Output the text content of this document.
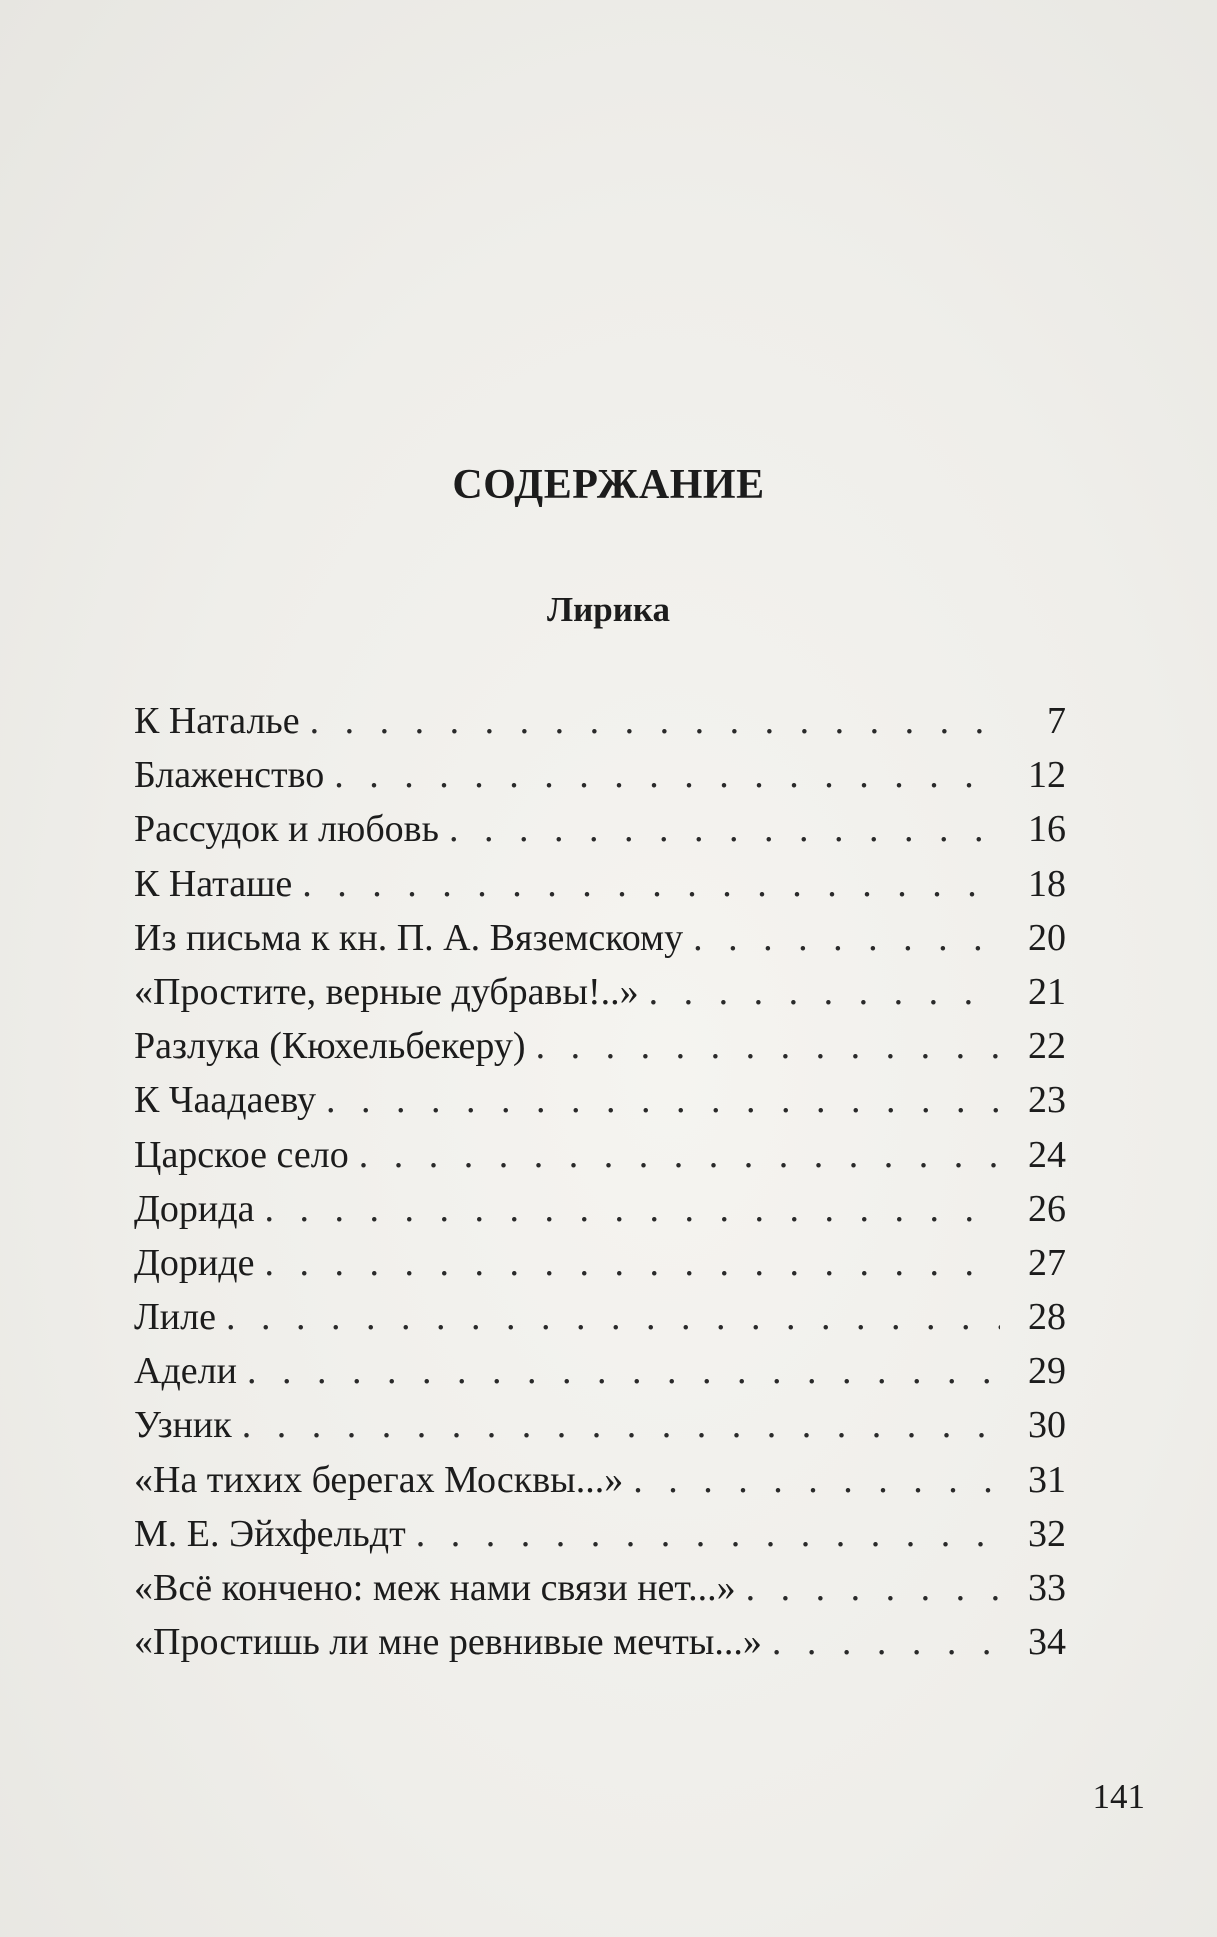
СОДЕРЖАНИЕ
Лирика
К Наталье . . .	7
Блаженство . . .	12
Рассудок и любовь . . .	16
К Наташе . . .	18
Из письма к кн. П. А. Вяземскому . . .	20
«Простите, верные дубравы!..» . . .	21
Разлука (Кюхельбекеру) . . .	22
К Чаадаеву . . .	23
Царское село . . .	24
Дорида . . .	26
Дориде . . .	27
Лиле . . .	28
Адели . . .	29
Узник . . .	30
«На тихих берегах Москвы...» . . .	31
М. Е. Эйхфельдт . . .	32
«Всё кончено: меж нами связи нет...» . . .	33
«Простишь ли мне ревнивые мечты...» . . .	34
141
